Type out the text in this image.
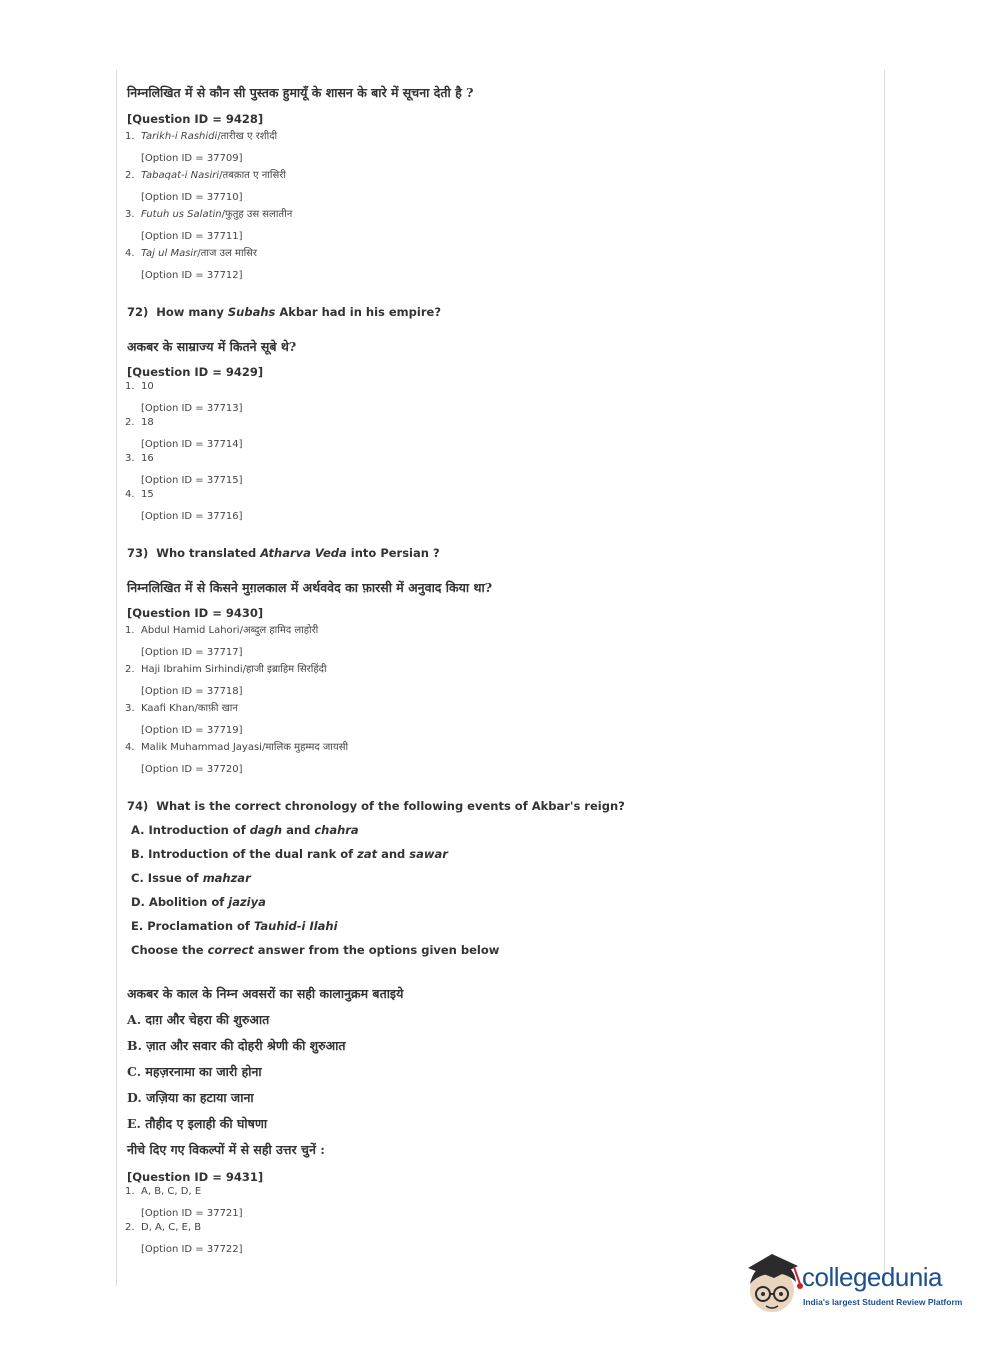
निम्नलिखित में से कौन सी पुस्तक हुमायूँ के शासन के बारे में सूचना देती है ?
[Question ID = 9428]
1. Tarikh-i Rashidi/तारीख ए रशीदी
[Option ID = 37709]
2. Tabaqat-i Nasiri/तबक़ात ए नासिरी
[Option ID = 37710]
3. Futuh us Salatin/फुतुह उस सलातीन
[Option ID = 37711]
4. Taj ul Masir/ताज उल मासिर
[Option ID = 37712]
72) How many Subahs Akbar had in his empire?
अकबर के साम्राज्य में कितने सूबे थे?
[Question ID = 9429]
1. 10
[Option ID = 37713]
2. 18
[Option ID = 37714]
3. 16
[Option ID = 37715]
4. 15
[Option ID = 37716]
73) Who translated Atharva Veda into Persian ?
निम्नलिखित में से किसने मुग़लकाल में अर्थववेद का फ़ारसी में अनुवाद किया था?
[Question ID = 9430]
1. Abdul Hamid Lahori/अब्दुल हामिद लाहोरी
[Option ID = 37717]
2. Haji Ibrahim Sirhindi/हाजी इब्राहिम सिरहिंदी
[Option ID = 37718]
3. Kaafi Khan/काफ़ी खान
[Option ID = 37719]
4. Malik Muhammad Jayasi/मालिक मुहम्मद जायसी
[Option ID = 37720]
74) What is the correct chronology of the following events of Akbar's reign?
A. Introduction of dagh and chahra
B. Introduction of the dual rank of zat and sawar
C. Issue of mahzar
D. Abolition of jaziya
E. Proclamation of Tauhid-i Ilahi
Choose the correct answer from the options given below
अकबर के काल के निम्न अवसरों का सही कालानुक्रम बताइये
A. दाग़ और चेहरा की शुरुआत
B. ज़ात और सवार की दोहरी श्रेणी की शुरुआत
C. महज़रनामा का जारी होना
D. जज़िया का हटाया जाना
E. तौहीद ए इलाही की घोषणा
नीचे दिए गए विकल्पों में से सही उत्तर चुनें :
[Question ID = 9431]
1. A, B, C, D, E
[Option ID = 37721]
2. D, A, C, E, B
[Option ID = 37722]
collegedunia
India's largest Student Review Platform
